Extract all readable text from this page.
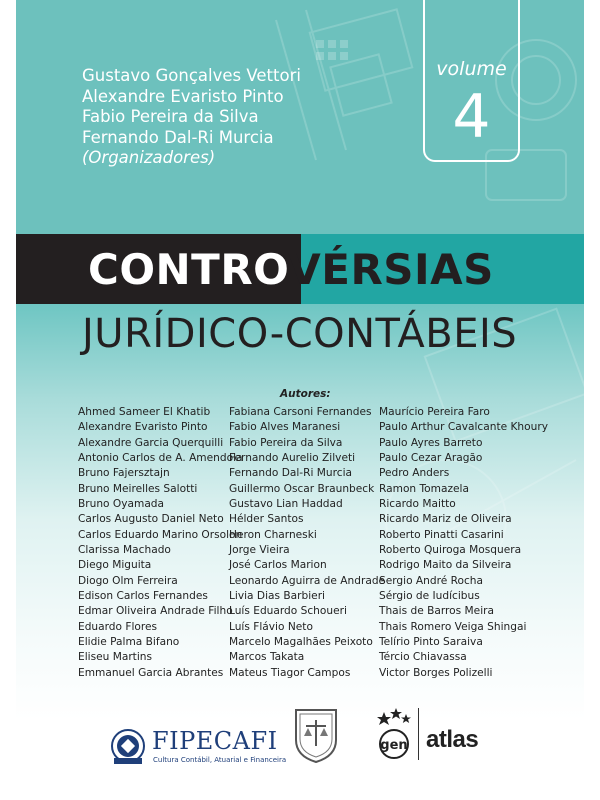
Gustavo Gonçalves Vettori
Alexandre Evaristo Pinto
Fabio Pereira da Silva
Fernando Dal-Ri Murcia
(Organizadores)
volume
4
CONTROVÉRSIAS
JURÍDICO-CONTÁBEIS
Autores:
Ahmed Sameer El Khatib
Alexandre Evaristo Pinto
Alexandre Garcia Querquilli
Antonio Carlos de A. Amendola
Bruno Fajersztajn
Bruno Meirelles Salotti
Bruno Oyamada
Carlos Augusto Daniel Neto
Carlos Eduardo Marino Orsolon
Clarissa Machado
Diego Miguita
Diogo Olm Ferreira
Edison Carlos Fernandes
Edmar Oliveira Andrade Filho
Eduardo Flores
Elidie Palma Bifano
Eliseu Martins
Emmanuel Garcia Abrantes
Fabiana Carsoni Fernandes
Fabio Alves Maranesi
Fabio Pereira da Silva
Fernando Aurelio Zilveti
Fernando Dal-Ri Murcia
Guillermo Oscar Braunbeck
Gustavo Lian Haddad
Hélder Santos
Heron Charneski
Jorge Vieira
José Carlos Marion
Leonardo Aguirra de Andrade
Livia Dias Barbieri
Luís Eduardo Schoueri
Luís Flávio Neto
Marcelo Magalhães Peixoto
Marcos Takata
Mateus Tiagor Campos
Maurício Pereira Faro
Paulo Arthur Cavalcante Khoury
Paulo Ayres Barreto
Paulo Cezar Aragão
Pedro Anders
Ramon Tomazela
Ricardo Maitto
Ricardo Mariz de Oliveira
Roberto Pinatti Casarini
Roberto Quiroga Mosquera
Rodrigo Maito da Silveira
Sergio André Rocha
Sérgio de Iudícibus
Thais de Barros Meira
Thais Romero Veiga Shingai
Telírio Pinto Saraiva
Tércio Chiavassa
Victor Borges Polizelli
FIPECAFI
Cultura Contábil, Atuarial e Financeira
gen atlas
